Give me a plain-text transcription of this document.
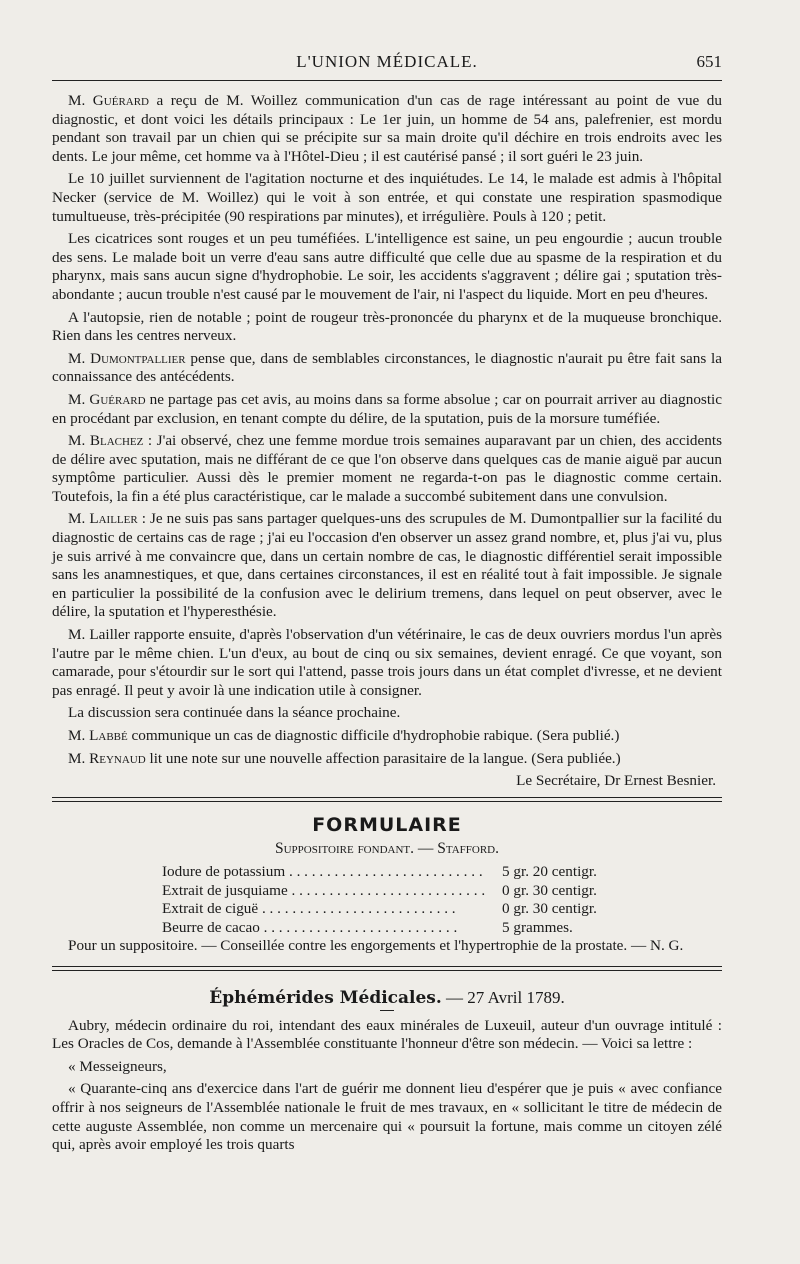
L'UNION MÉDICALE.	651

M. Guérard a reçu de M. Woillez communication d'un cas de rage intéressant au point de vue du diagnostic, et dont voici les détails principaux : Le 1er juin, un homme de 54 ans, palefrenier, est mordu pendant son travail par un chien qui se précipite sur sa main droite qu'il déchire en trois endroits avec les dents. Le jour même, cet homme va à l'Hôtel-Dieu ; il est cautérisé pansé ; il sort guéri le 23 juin.

Le 10 juillet surviennent de l'agitation nocturne et des inquiétudes. Le 14, le malade est admis à l'hôpital Necker (service de M. Woillez) qui le voit à son entrée, et qui constate une respiration spasmodique tumultueuse, très-précipitée (90 respirations par minutes), et irrégulière. Pouls à 120 ; petit.

Les cicatrices sont rouges et un peu tuméfiées. L'intelligence est saine, un peu engourdie ; aucun trouble des sens. Le malade boit un verre d'eau sans autre difficulté que celle due au spasme de la respiration et du pharynx, mais sans aucun signe d'hydrophobie. Le soir, les accidents s'aggravent ; délire gai ; sputation très-abondante ; aucun trouble n'est causé par le mouvement de l'air, ni l'aspect du liquide. Mort en peu d'heures.

A l'autopsie, rien de notable ; point de rougeur très-prononcée du pharynx et de la muqueuse bronchique. Rien dans les centres nerveux.

M. Dumontpallier pense que, dans de semblables circonstances, le diagnostic n'aurait pu être fait sans la connaissance des antécédents.

M. Guérard ne partage pas cet avis, au moins dans sa forme absolue ; car on pourrait arriver au diagnostic en procédant par exclusion, en tenant compte du délire, de la sputation, puis de la morsure tuméfiée.

M. Blachez : J'ai observé, chez une femme mordue trois semaines auparavant par un chien, des accidents de délire avec sputation, mais ne différant de ce que l'on observe dans quelques cas de manie aiguë par aucun symptôme particulier. Aussi dès le premier moment ne regarda-t-on pas le diagnostic comme certain. Toutefois, la fin a été plus caractéristique, car le malade a succombé subitement dans une convulsion.

M. Lailler : Je ne suis pas sans partager quelques-uns des scrupules de M. Dumontpallier sur la facilité du diagnostic de certains cas de rage ; j'ai eu l'occasion d'en observer un assez grand nombre, et, plus j'ai vu, plus je suis arrivé à me convaincre que, dans un certain nombre de cas, le diagnostic différentiel serait impossible sans les anamnestiques, et que, dans certaines circonstances, il est en réalité tout à fait impossible. Je signale en particulier la possibilité de la confusion avec le delirium tremens, dans lequel on peut observer, avec le délire, la sputation et l'hyperesthésie.

M. Lailler rapporte ensuite, d'après l'observation d'un vétérinaire, le cas de deux ouvriers mordus l'un après l'autre par le même chien. L'un d'eux, au bout de cinq ou six semaines, devient enragé. Ce que voyant, son camarade, pour s'étourdir sur le sort qui l'attend, passe trois jours dans un état complet d'ivresse, et ne devient pas enragé. Il peut y avoir là une indication utile à consigner.

La discussion sera continuée dans la séance prochaine.

M. Labbé communique un cas de diagnostic difficile d'hydrophobie rabique. (Sera publié.)

M. Reynaud lit une note sur une nouvelle affection parasitaire de la langue. (Sera publiée.)

Le Secrétaire, Dr Ernest Besnier.

FORMULAIRE
Suppositoire fondant. — Stafford.
Iodure de potassium . . .	5 gr. 20 centigr.
Extrait de jusquiame . . .	0 gr. 30 centigr.
Extrait de ciguë . . .	0 gr. 30 centigr.
Beurre de cacao . . .	5 grammes.

Pour un suppositoire. — Conseillée contre les engorgements et l'hypertrophie de la prostate. — N. G.

Éphémérides Médicales. — 27 Avril 1789.

Aubry, médecin ordinaire du roi, intendant des eaux minérales de Luxeuil, auteur d'un ouvrage intitulé : Les Oracles de Cos, demande à l'Assemblée constituante l'honneur d'être son médecin. — Voici sa lettre :

« Messeigneurs,

« Quarante-cinq ans d'exercice dans l'art de guérir me donnent lieu d'espérer que je puis « avec confiance offrir à nos seigneurs de l'Assemblée nationale le fruit de mes travaux, en « sollicitant le titre de médecin de cette auguste Assemblée, non comme un mercenaire qui « poursuit la fortune, mais comme un citoyen zélé qui, après avoir employé les trois quarts
